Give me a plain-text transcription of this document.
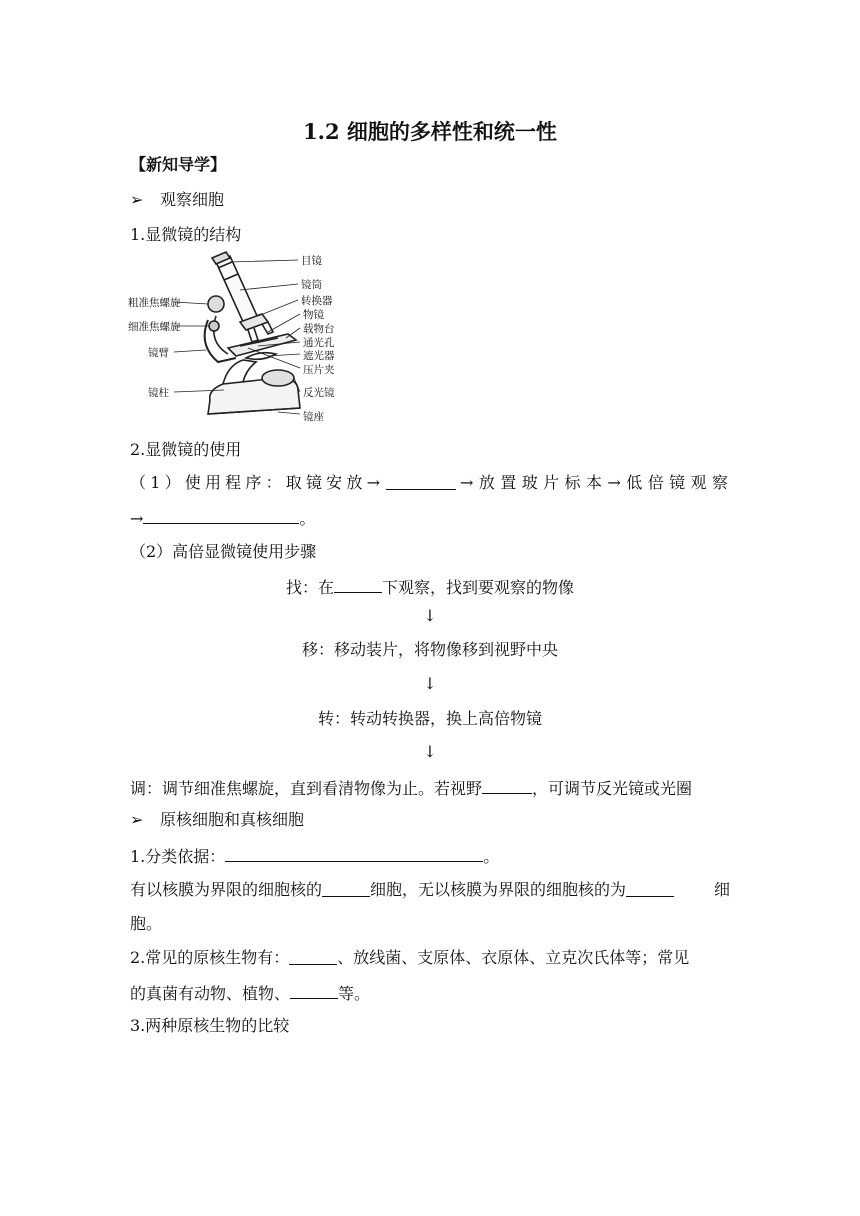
1.2 细胞的多样性和统一性
【新知导学】
➢ 观察细胞
1.显微镜的结构
目镜
镜筒
转换器
物镜
载物台
通光孔
遮光器
压片夹
反光镜
镜座
粗准焦螺旋
细准焦螺旋
镜臂
镜柱
2.显微镜的使用
（1）使用程序：取镜安放→	→放置玻片标本→低倍镜观察
→	。
（2）高倍显微镜使用步骤
找：在	下观察，找到要观察的物像
↓
移：移动装片，将物像移到视野中央
↓
转：转动转换器，换上高倍物镜
↓
调：调节细准焦螺旋，直到看清物像为止。若视野	，可调节反光镜或光圈
➢ 原核细胞和真核细胞
1.分类依据：	。
有以核膜为界限的细胞核的	细胞，无以核膜为界限的细胞核的为	细
胞。
2.常见的原核生物有：	、放线菌、支原体、衣原体、立克次氏体等；常见
的真菌有动物、植物、	等。
3.两种原核生物的比较
